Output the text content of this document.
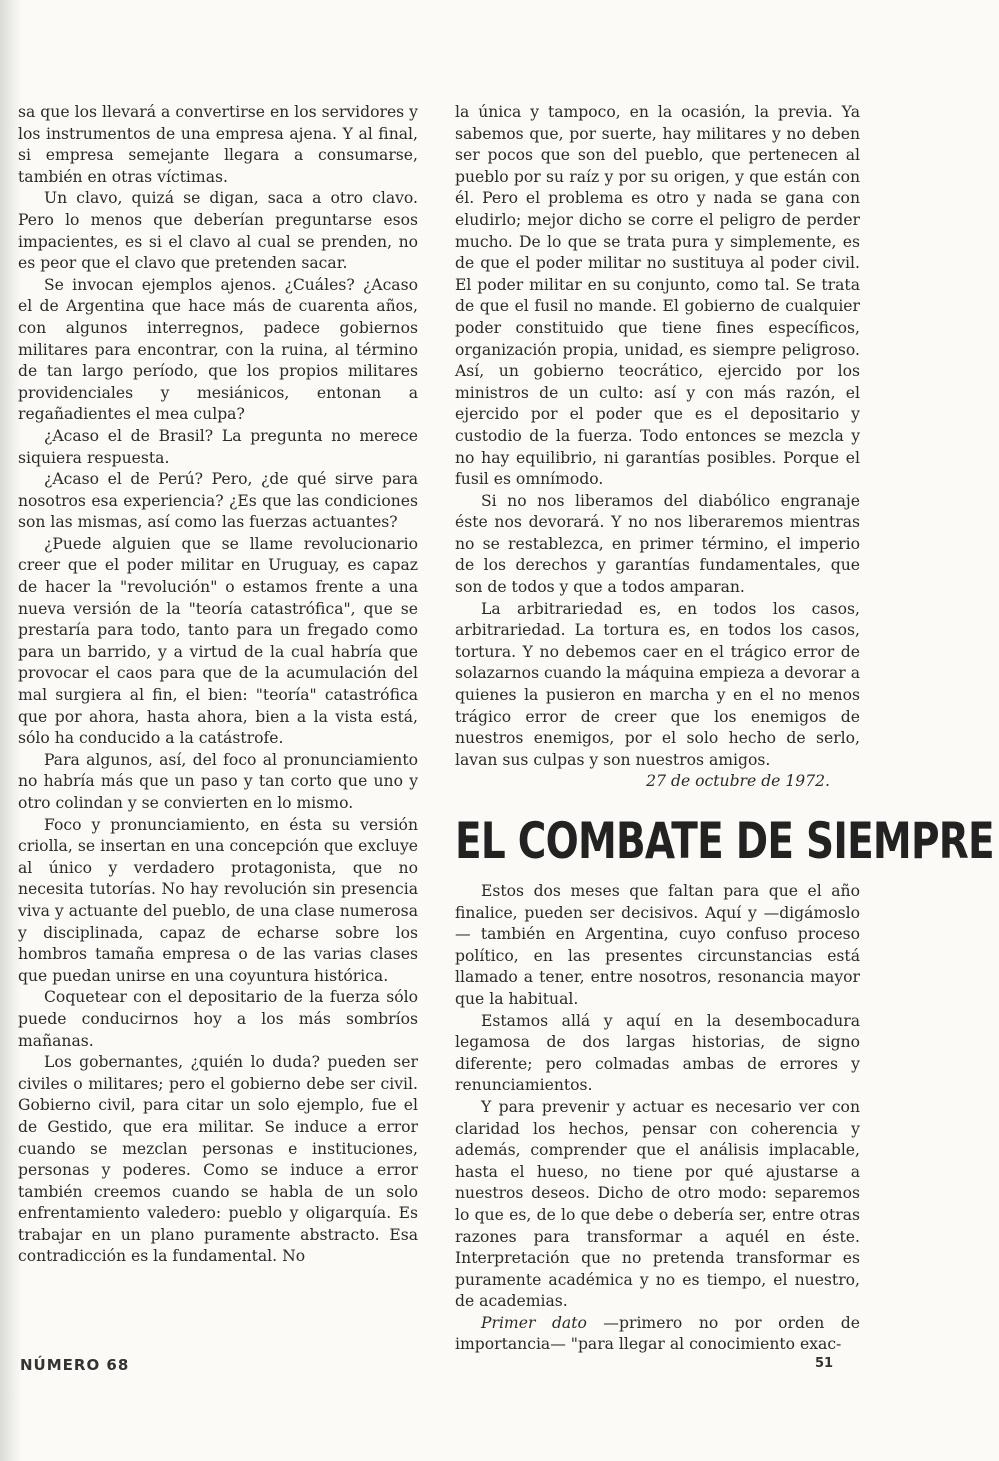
sa que los llevará a convertirse en los servidores y los instrumentos de una empresa ajena. Y al final, si empresa semejante llegara a consumarse, también en otras víctimas.

Un clavo, quizá se digan, saca a otro clavo. Pero lo menos que deberían preguntarse esos impacientes, es si el clavo al cual se prenden, no es peor que el clavo que pretenden sacar.

Se invocan ejemplos ajenos. ¿Cuáles? ¿Acaso el de Argentina que hace más de cuarenta años, con algunos interregnos, padece gobiernos militares para encontrar, con la ruina, al término de tan largo período, que los propios militares providenciales y mesiánicos, entonan a regañadientes el mea culpa?

¿Acaso el de Brasil? La pregunta no merece siquiera respuesta.

¿Acaso el de Perú? Pero, ¿de qué sirve para nosotros esa experiencia? ¿Es que las condiciones son las mismas, así como las fuerzas actuantes?

¿Puede alguien que se llame revolucionario creer que el poder militar en Uruguay, es capaz de hacer la "revolución" o estamos frente a una nueva versión de la "teoría catastrófica", que se prestaría para todo, tanto para un fregado como para un barrido, y a virtud de la cual habría que provocar el caos para que de la acumulación del mal surgiera al fin, el bien: "teoría" catastrófica que por ahora, hasta ahora, bien a la vista está, sólo ha conducido a la catástrofe.

Para algunos, así, del foco al pronunciamiento no habría más que un paso y tan corto que uno y otro colindan y se convierten en lo mismo.

Foco y pronunciamiento, en ésta su versión criolla, se insertan en una concepción que excluye al único y verdadero protagonista, que no necesita tutorías. No hay revolución sin presencia viva y actuante del pueblo, de una clase numerosa y disciplinada, capaz de echarse sobre los hombros tamaña empresa o de las varias clases que puedan unirse en una coyuntura histórica.

Coquetear con el depositario de la fuerza sólo puede conducirnos hoy a los más sombríos mañanas.

Los gobernantes, ¿quién lo duda? pueden ser civiles o militares; pero el gobierno debe ser civil. Gobierno civil, para citar un solo ejemplo, fue el de Gestido, que era militar. Se induce a error cuando se mezclan personas e instituciones, personas y poderes. Como se induce a error también creemos cuando se habla de un solo enfrentamiento valedero: pueblo y oligarquía. Es trabajar en un plano puramente abstracto. Esa contradicción es la fundamental. No

la única y tampoco, en la ocasión, la previa. Ya sabemos que, por suerte, hay militares y no deben ser pocos que son del pueblo, que pertenecen al pueblo por su raíz y por su origen, y que están con él. Pero el problema es otro y nada se gana con eludirlo; mejor dicho se corre el peligro de perder mucho. De lo que se trata pura y simplemente, es de que el poder militar no sustituya al poder civil. El poder militar en su conjunto, como tal. Se trata de que el fusil no mande. El gobierno de cualquier poder constituido que tiene fines específicos, organización propia, unidad, es siempre peligroso. Así, un gobierno teocrático, ejercido por los ministros de un culto: así y con más razón, el ejercido por el poder que es el depositario y custodio de la fuerza. Todo entonces se mezcla y no hay equilibrio, ni garantías posibles. Porque el fusil es omnímodo.

Si no nos liberamos del diabólico engranaje éste nos devorará. Y no nos liberaremos mientras no se restablezca, en primer término, el imperio de los derechos y garantías fundamentales, que son de todos y que a todos amparan.

La arbitrariedad es, en todos los casos, arbitrariedad. La tortura es, en todos los casos, tortura. Y no debemos caer en el trágico error de solazarnos cuando la máquina empieza a devorar a quienes la pusieron en marcha y en el no menos trágico error de creer que los enemigos de nuestros enemigos, por el solo hecho de serlo, lavan sus culpas y son nuestros amigos.

27 de octubre de 1972.

EL COMBATE DE SIEMPRE

Estos dos meses que faltan para que el año finalice, pueden ser decisivos. Aquí y —digámoslo— también en Argentina, cuyo confuso proceso político, en las presentes circunstancias está llamado a tener, entre nosotros, resonancia mayor que la habitual.

Estamos allá y aquí en la desembocadura legamosa de dos largas historias, de signo diferente; pero colmadas ambas de errores y renunciamientos.

Y para prevenir y actuar es necesario ver con claridad los hechos, pensar con coherencia y además, comprender que el análisis implacable, hasta el hueso, no tiene por qué ajustarse a nuestros deseos. Dicho de otro modo: separemos lo que es, de lo que debe o debería ser, entre otras razones para transformar a aquél en éste. Interpretación que no pretenda transformar es puramente académica y no es tiempo, el nuestro, de academias.

Primer dato —primero no por orden de importancia— "para llegar al conocimiento exac-

NÚMERO 68	51
